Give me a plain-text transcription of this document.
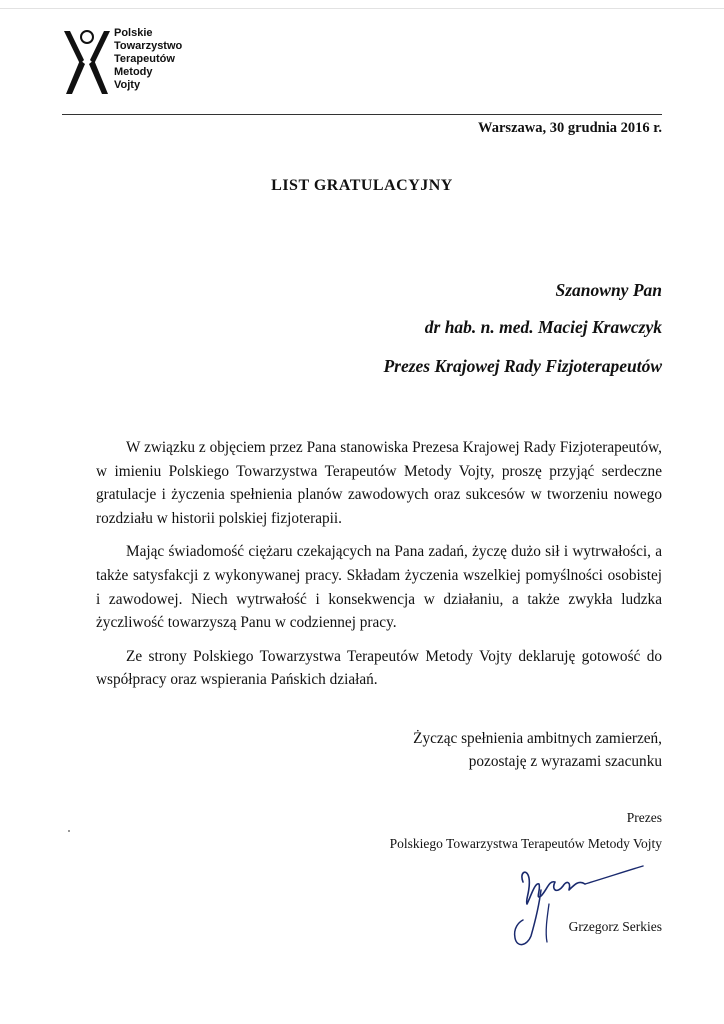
Polskie
Towarzystwo
Terapeutów
Metody
Vojty
Warszawa, 30 grudnia 2016 r.
LIST GRATULACYJNY
Szanowny Pan
dr hab. n. med. Maciej Krawczyk
Prezes Krajowej Rady Fizjoterapeutów

W związku z objęciem przez Pana stanowiska Prezesa Krajowej Rady Fizjoterapeutów, w imieniu Polskiego Towarzystwa Terapeutów Metody Vojty, proszę przyjąć serdeczne gratulacje i życzenia spełnienia planów zawodowych oraz sukcesów w tworzeniu nowego rozdziału w historii polskiej fizjoterapii.

Mając świadomość ciężaru czekających na Pana zadań, życzę dużo sił i wytrwałości, a także satysfakcji z wykonywanej pracy. Składam życzenia wszelkiej pomyślności osobistej i zawodowej. Niech wytrwałość i konsekwencja w działaniu, a także zwykła ludzka życzliwość towarzyszą Panu w codziennej pracy.

Ze strony Polskiego Towarzystwa Terapeutów Metody Vojty deklaruję gotowość do współpracy oraz wspierania Pańskich działań.

Życząc spełnienia ambitnych zamierzeń,
pozostaję z wyrazami szacunku
Prezes
Polskiego Towarzystwa Terapeutów Metody Vojty
Grzegorz Serkies
